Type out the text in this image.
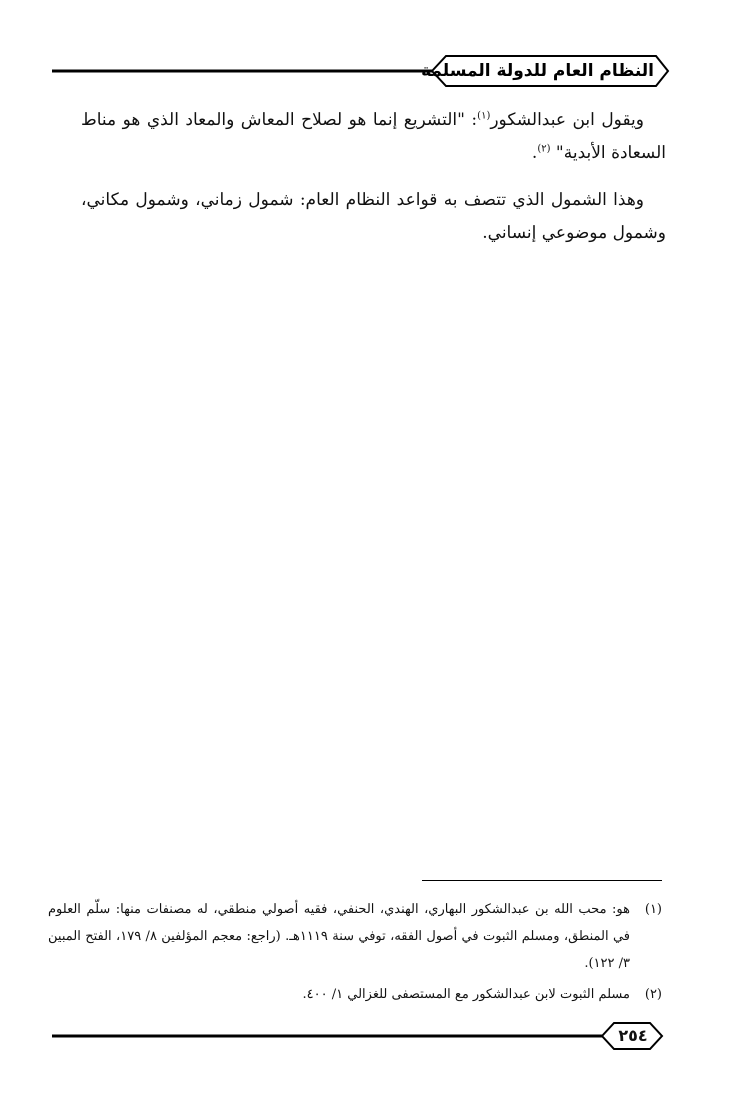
النظام العام للدولة المسلمة

ويقول ابن عبدالشكور$^{(١)}$: "التشريع إنما هو لصلاح المعاش والمعاد الذي هو مناط السعادة الأبدية" $^{(٢)}$.

وهذا الشمول الذي تتصف به قواعد النظام العام: شمول زماني، وشمول مكاني، وشمول موضوعي إنساني.

(١)
هو: محب الله بن عبدالشكور البهاري، الهندي، الحنفي، فقيه أصولي منطقي، له مصنفات منها: سلّم العلوم في المنطق، ومسلم الثبوت في أصول الفقه، توفي سنة ١١١٩هـ. (راجع: معجم المؤلفين ٨/ ١٧٩، الفتح المبين ٣/ ١٢٢).
(٢)
مسلم الثبوت لابن عبدالشكور مع المستصفى للغزالي ١/ ٤٠٠.
٢٥٤
